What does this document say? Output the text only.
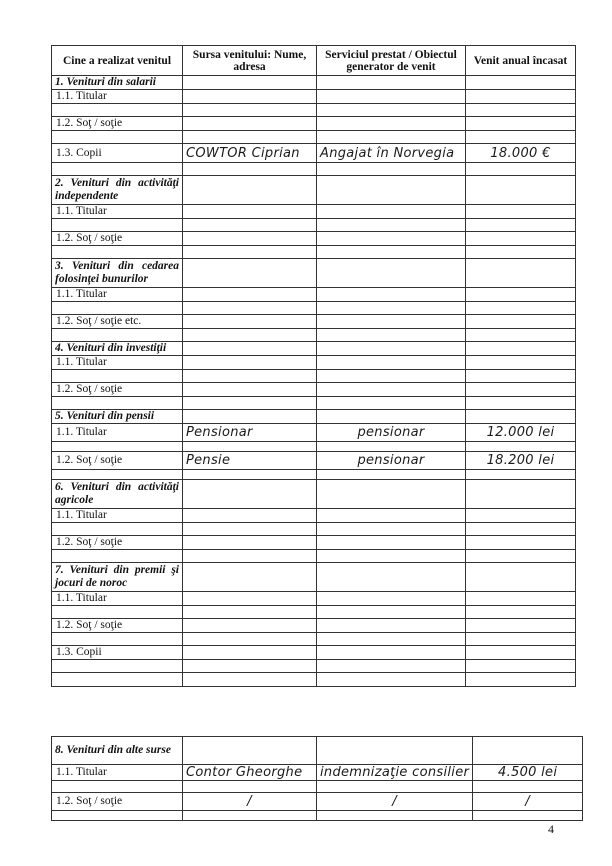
Cine a realizat venitul	Sursa venitului: Nume, adresa	Serviciul prestat / Obiectul generator de venit	Venit anual încasat
1. Venituri din salarii			
1.1. Titular			

1.2. Soţ / soţie			

1.3. Copii	COWTOR Ciprian	Angajat în Norvegia	18.000 €

2. Venituri din activităţi independente			
1.1. Titular			

1.2. Soţ / soţie			

3. Venituri din cedarea folosinţei bunurilor			
1.1. Titular			

1.2. Soţ / soţie etc.			

4. Venituri din investiţii			
1.1. Titular			

1.2. Soţ / soţie			

5. Venituri din pensii			
1.1. Titular	Pensionar	pensionar	12.000 lei

1.2. Soţ / soţie	Pensie	pensionar	18.200 lei

6. Venituri din activităţi agricole			
1.1. Titular			

1.2. Soţ / soţie			

7. Venituri din premii şi jocuri de noroc			
1.1. Titular			

1.2. Soţ / soţie			

1.3. Copii			

8. Venituri din alte surse			
1.1. Titular	Contor Gheorghe	indemnizaţie consilier	4.500 lei

1.2. Soţ / soţie	/	/	/

4
